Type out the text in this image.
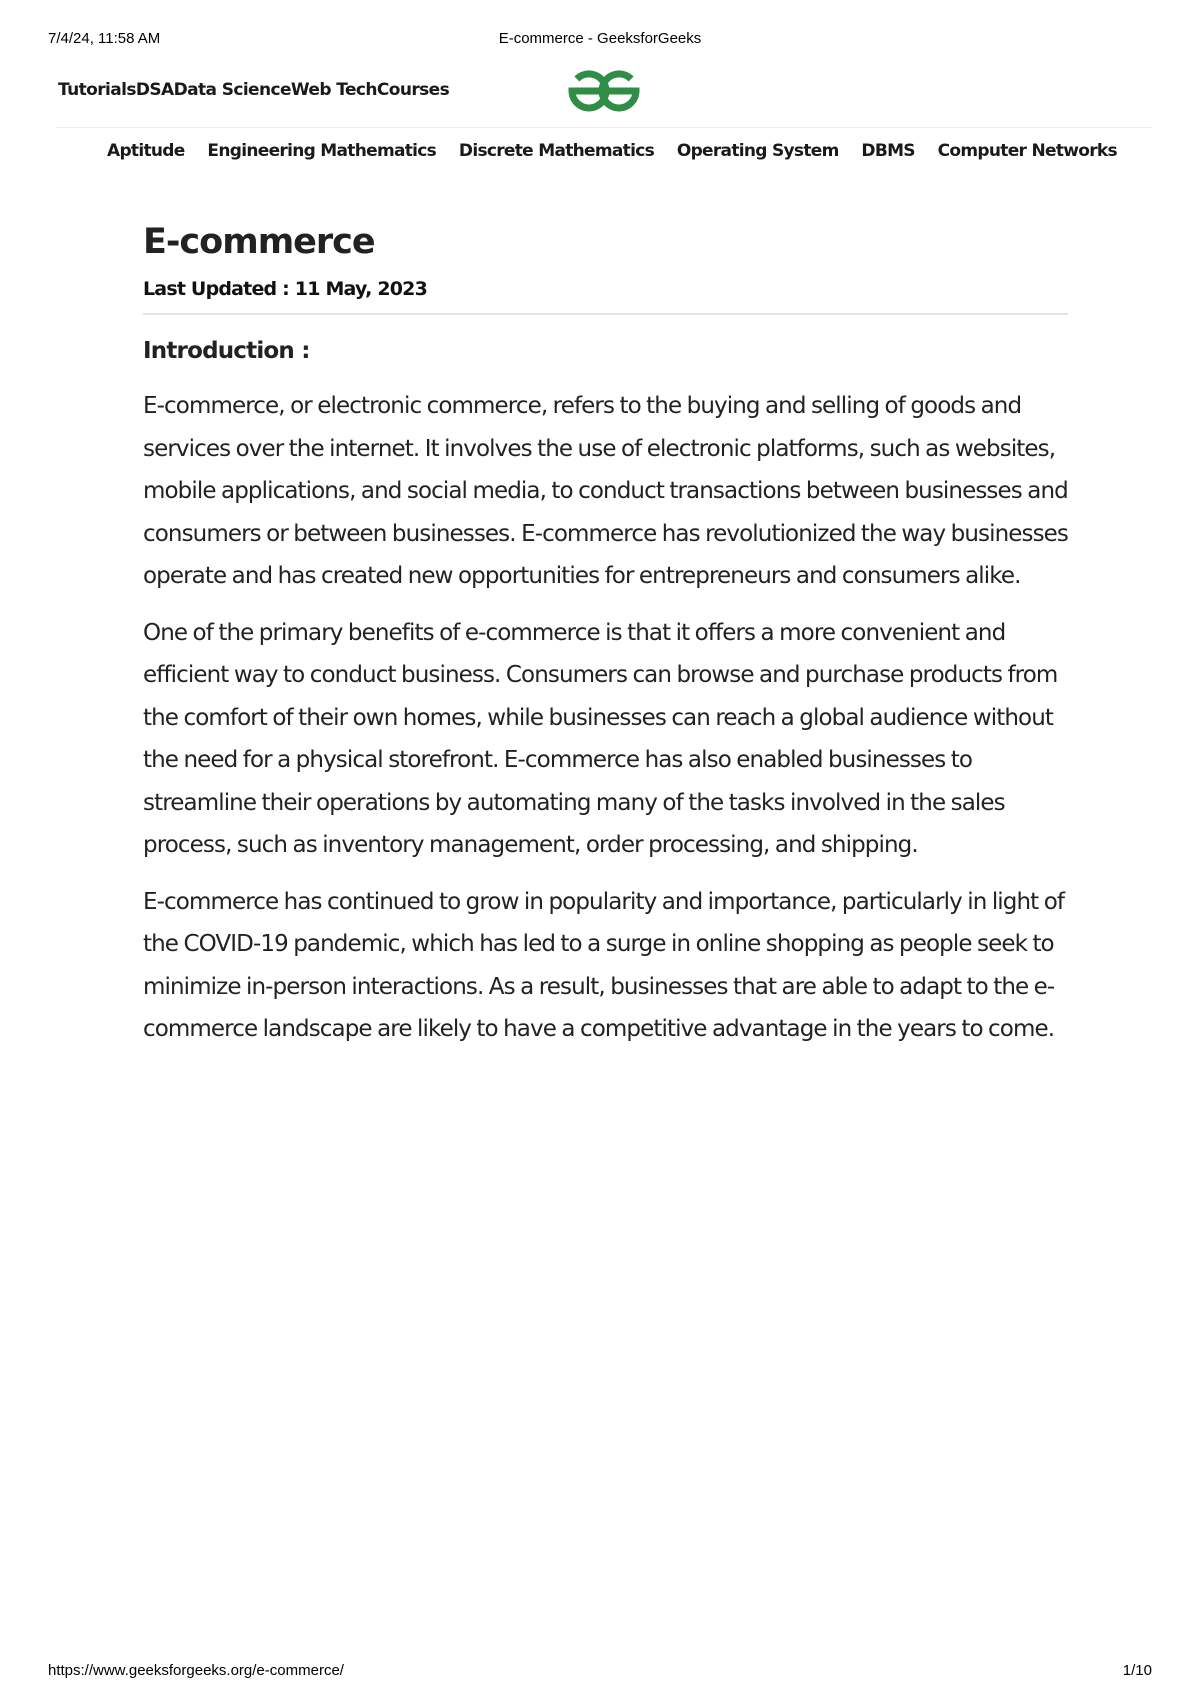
7/4/24, 11:58 AM	E-commerce - GeeksforGeeks
Tutorials DSA Data Science Web Tech Courses
Aptitude Engineering Mathematics Discrete Mathematics Operating System DBMS Computer Networks
E-commerce
Last Updated : 11 May, 2023
Introduction :

E-commerce, or electronic commerce, refers to the buying and selling of goods and services over the internet. It involves the use of electronic platforms, such as websites, mobile applications, and social media, to conduct transactions between businesses and consumers or between businesses. E-commerce has revolutionized the way businesses operate and has created new opportunities for entrepreneurs and consumers alike.

One of the primary benefits of e-commerce is that it offers a more convenient and efficient way to conduct business. Consumers can browse and purchase products from the comfort of their own homes, while businesses can reach a global audience without the need for a physical storefront. E-commerce has also enabled businesses to streamline their operations by automating many of the tasks involved in the sales process, such as inventory management, order processing, and shipping.

E-commerce has continued to grow in popularity and importance, particularly in light of the COVID-19 pandemic, which has led to a surge in online shopping as people seek to minimize in-person interactions. As a result, businesses that are able to adapt to the e-commerce landscape are likely to have a competitive advantage in the years to come.

https://www.geeksforgeeks.org/e-commerce/	1/10
